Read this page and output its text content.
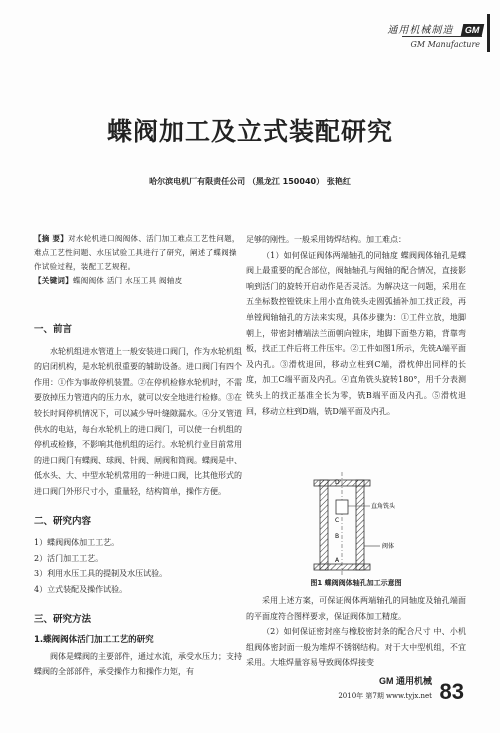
通用机械制造 GM
GM Manufacture
蝶阀加工及立式装配研究
哈尔滨电机厂有限责任公司 （黑龙江 150040） 张艳红
【摘 要】对水轮机进口阀阀体、活门加工难点工艺性问题，难点工艺性问题、水压试验工具进行了研究，阐述了蝶阀操作试验过程，装配工艺规程。
【关键词】蝶阀阀体 活门 水压工具 阀轴皮
一、前言

水轮机组进水管道上一般安装进口阀门，作为水轮机组的启闭机构，是水轮机很重要的辅助设备。进口阀门有四个作用：①作为事故停机装置。②在停机检修水轮机时，不需要放掉压力管道内的压力水，就可以安全地进行检修。③在较长时间停机情况下，可以减少导叶缝隙漏水。④分叉管道供水的电站，每台水轮机上的进口阀门，可以使一台机组的停机或检修，不影响其他机组的运行。水轮机行业目前常用的进口阀门有蝶阀、球阀、针阀、闸阀和筒阀。蝶阀是中、低水头、大、中型水轮机常用的一种进口阀，比其他形式的进口阀门外形尺寸小，重量轻，结构简单，操作方便。

二、研究内容

1）蝶阀阀体加工工艺。

2）活门加工工艺。

3）利用水压工具的提制及水压试验。

4）立式装配及操作试验。

三、研究方法
1.蝶阀阀体活门加工工艺的研究

阀体是蝶阀的主要部件，通过水流，承受水压力；支持蝶阀的全部部件，承受操作力和操作力矩，有

足够的刚性。一般采用铸焊结构。加工难点：

（1）如何保证阀体两端轴孔的同轴度 蝶阀阀体轴孔是蝶阀上最重要的配合部位，阀轴轴孔与阀轴的配合情况，直接影响到活门的旋转开启动作是否灵活。为解决这一问题，采用在五坐标数控镗铣床上用小直角铣头走圆弧插补加工找正段，再单镗阀轴轴孔的方法来实现，具体步骤为：①工件立放，地脚朝上，带密封槽端法兰面朝向镗床，地脚下面垫方箱，背靠弯板，找正工件后将工件压牢。②工件如图1所示，先铣A端平面及内孔。③滑枕退回，移动立柱到C端，滑枕伸出同样的长度，加工C端平面及内孔。④直角铣头旋转180°，用千分表测铣头上的找正基准全长为零，铣B端平面及内孔。⑤滑枕退回，移动立柱到D端，铣D端平面及内孔。

D
C
B
A
直角铣头
阀体
图1 蝶阀阀体轴孔加工示意图

采用上述方案，可保证阀体两端轴孔的同轴度及轴孔端面的平面度符合图样要求，保证阀体加工精度。

（2）如何保证密封座与橡胶密封条的配合尺寸 中、小机组阀体密封面一般为堆焊不锈钢结构。对于大中型机组，不宜采用。大堆焊量容易导致阀体焊接变

GM 通用机械
2010年 第7期 www.tyjx.net 83
